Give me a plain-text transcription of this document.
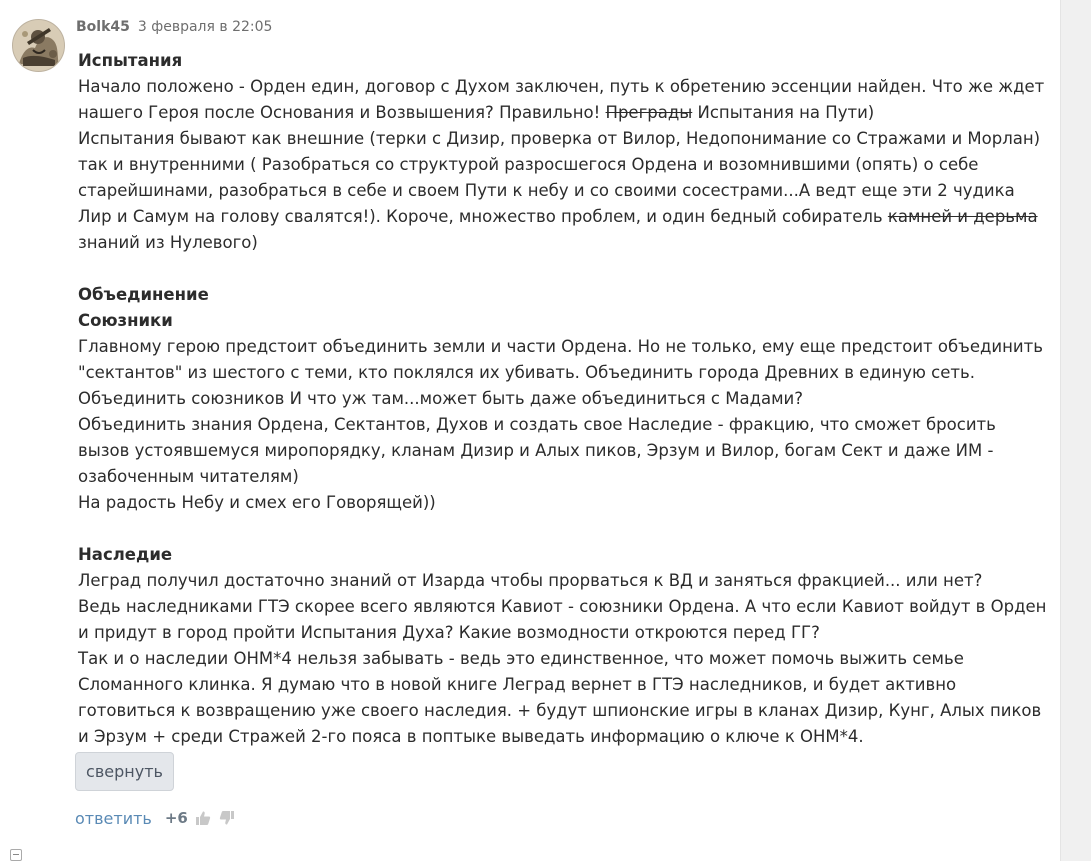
Bolk45 3 февраля в 22:05

Испытания

Начало положено - Орден един, договор с Духом заключен, путь к обретению эссенции найден. Что же ждет нашего Героя после Основания и Возвышения? Правильно! Преграды Испытания на Пути)

Испытания бывают как внешние (терки с Дизир, проверка от Вилор, Недопонимание со Стражами и Морлан) так и внутренними ( Разобраться со структурой разросшегося Ордена и возомнившими (опять) о себе старейшинами, разобраться в себе и своем Пути к небу и со своими сосестрами...А ведт еще эти 2 чудика Лир и Самум на голову свалятся!). Короче, множество проблем, и один бедный собиратель камней и дерьма знаний из Нулевого)

Объединение

Союзники

Главному герою предстоит объединить земли и части Ордена. Но не только, ему еще предстоит объединить "сектантов" из шестого с теми, кто поклялся их убивать. Объединить города Древних в единую сеть. Объединить союзников И что уж там...может быть даже объединиться с Мадами?

Объединить знания Ордена, Сектантов, Духов и создать свое Наследие - фракцию, что сможет бросить вызов устоявшемуся миропорядку, кланам Дизир и Алых пиков, Эрзум и Вилор, богам Сект и даже ИМ - озабоченным читателям)

На радость Небу и смех его Говорящей))

Наследие

Леград получил достаточно знаний от Изарда чтобы прорваться к ВД и заняться фракцией... или нет?

Ведь наследниками ГТЭ скорее всего являются Кавиот - союзники Ордена. А что если Кавиот войдут в Орден и придут в город пройти Испытания Духа? Какие возмодности откроются перед ГГ?

Так и о наследии ОНМ*4 нельзя забывать - ведь это единственное, что может помочь выжить семье Сломанного клинка. Я думаю что в новой книге Леград вернет в ГТЭ наследников, и будет активно готовиться к возвращению уже своего наследия. + будут шпионские игры в кланах Дизир, Кунг, Алых пиков и Эрзум + среди Стражей 2-го пояса в поптыке выведать информацию о ключе к ОНМ*4.

свернуть
ответить +6
